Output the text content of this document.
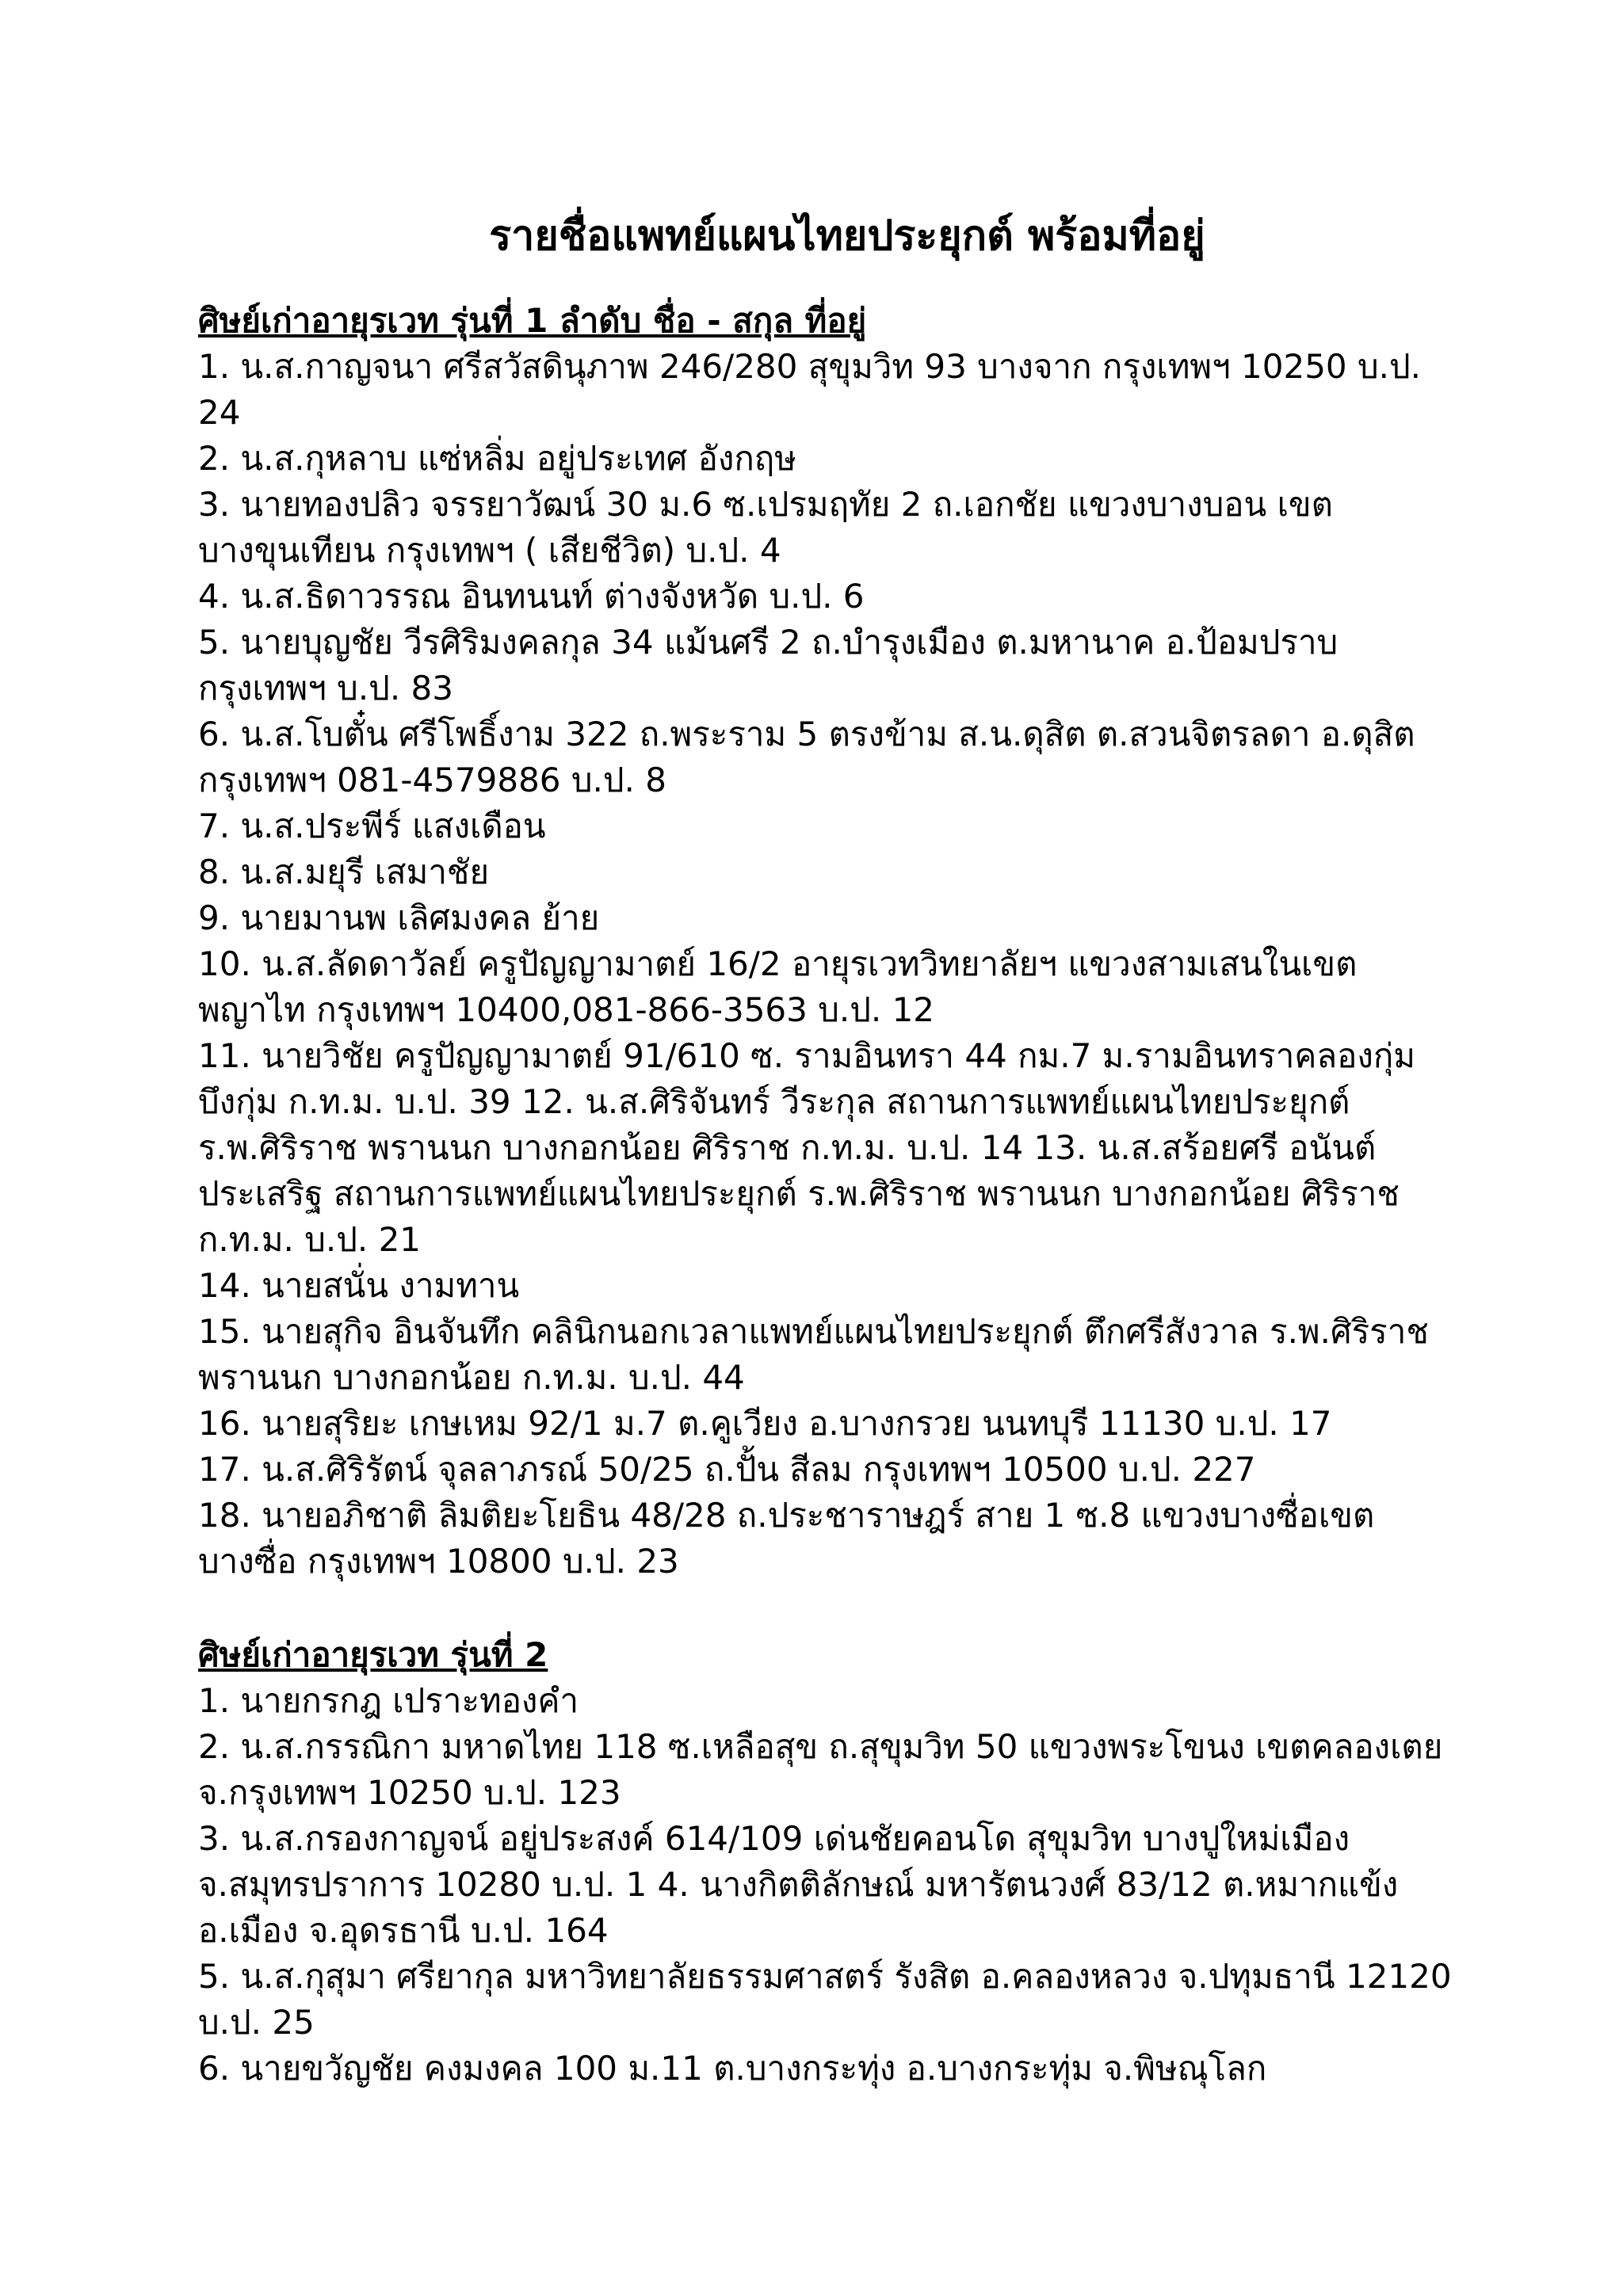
รายชื่อแพทย์แผนไทยประยุกต์ พร้อมที่อยู่
ศิษย์เก่าอายุรเวท รุ่นที่ 1 ลำดับ ชื่อ - สกุล ที่อยู่
1. น.ส.กาญจนา ศรีสวัสดินุภาพ 246/280 สุขุมวิท 93 บางจาก กรุงเทพฯ 10250 บ.ป. 24
2. น.ส.กุหลาบ แซ่หลิ่ม อยู่ประเทศ อังกฤษ
3. นายทองปลิว จรรยาวัฒน์ 30 ม.6 ซ.เปรมฤทัย 2 ถ.เอกชัย แขวงบางบอน เขตบางขุนเทียน กรุงเทพฯ ( เสียชีวิต) บ.ป. 4
4. น.ส.ธิดาวรรณ อินทนนท์ ต่างจังหวัด บ.ป. 6
5. นายบุญชัย วีรศิริมงคลกุล 34 แม้นศรี 2 ถ.บำรุงเมือง ต.มหานาค อ.ป้อมปราบ กรุงเทพฯ บ.ป. 83
6. น.ส.โบตั๋น ศรีโพธิ์งาม 322 ถ.พระราม 5 ตรงข้าม ส.น.ดุสิต ต.สวนจิตรลดา อ.ดุสิต กรุงเทพฯ 081-4579886 บ.ป. 8
7. น.ส.ประพีร์ แสงเดือน
8. น.ส.มยุรี เสมาชัย
9. นายมานพ เลิศมงคล ย้าย
10. น.ส.ลัดดาวัลย์ ครูปัญญามาตย์ 16/2 อายุรเวทวิทยาลัยฯ แขวงสามเสนในเขตพญาไท กรุงเทพฯ 10400,081-866-3563 บ.ป. 12
11. นายวิชัย ครูปัญญามาตย์ 91/610 ซ. รามอินทรา 44 กม.7 ม.รามอินทราคลองกุ่ม บึงกุ่ม ก.ท.ม. บ.ป. 39 12. น.ส.ศิริจันทร์ วีระกุล สถานการแพทย์แผนไทยประยุกต์ ร.พ.ศิริราช พรานนก บางกอกน้อย ศิริราช ก.ท.ม. บ.ป. 14 13. น.ส.สร้อยศรี อนันต์ประเสริฐ สถานการแพทย์แผนไทยประยุกต์ ร.พ.ศิริราช พรานนก บางกอกน้อย ศิริราช ก.ท.ม. บ.ป. 21
14. นายสนั่น งามทาน
15. นายสุกิจ อินจันทึก คลินิกนอกเวลาแพทย์แผนไทยประยุกต์ ตึกศรีสังวาล ร.พ.ศิริราช พรานนก บางกอกน้อย ก.ท.ม. บ.ป. 44
16. นายสุริยะ เกษเหม 92/1 ม.7 ต.คูเวียง อ.บางกรวย นนทบุรี 11130 บ.ป. 17
17. น.ส.ศิริรัตน์ จุลลาภรณ์ 50/25 ถ.ปั้น สีลม กรุงเทพฯ 10500 บ.ป. 227
18. นายอภิชาติ ลิมติยะโยธิน 48/28 ถ.ประชาราษฎร์ สาย 1 ซ.8 แขวงบางซื่อเขตบางซื่อ กรุงเทพฯ 10800 บ.ป. 23
ศิษย์เก่าอายุรเวท รุ่นที่ 2
1. นายกรกฎ เปราะทองคำ
2. น.ส.กรรณิกา มหาดไทย 118 ซ.เหลือสุข ถ.สุขุมวิท 50 แขวงพระโขนง เขตคลองเตย จ.กรุงเทพฯ 10250 บ.ป. 123
3. น.ส.กรองกาญจน์ อยู่ประสงค์ 614/109 เด่นชัยคอนโด สุขุมวิท บางปูใหม่เมือง จ.สมุทรปราการ 10280 บ.ป. 1 4. นางกิตติลักษณ์ มหารัตนวงศ์ 83/12 ต.หมากแข้ง อ.เมือง จ.อุดรธานี บ.ป. 164
5. น.ส.กุสุมา ศรียากุล มหาวิทยาลัยธรรมศาสตร์ รังสิต อ.คลองหลวง จ.ปทุมธานี 12120 บ.ป. 25
6. นายขวัญชัย คงมงคล 100 ม.11 ต.บางกระทุ่ง อ.บางกระทุ่ม จ.พิษณุโลก
